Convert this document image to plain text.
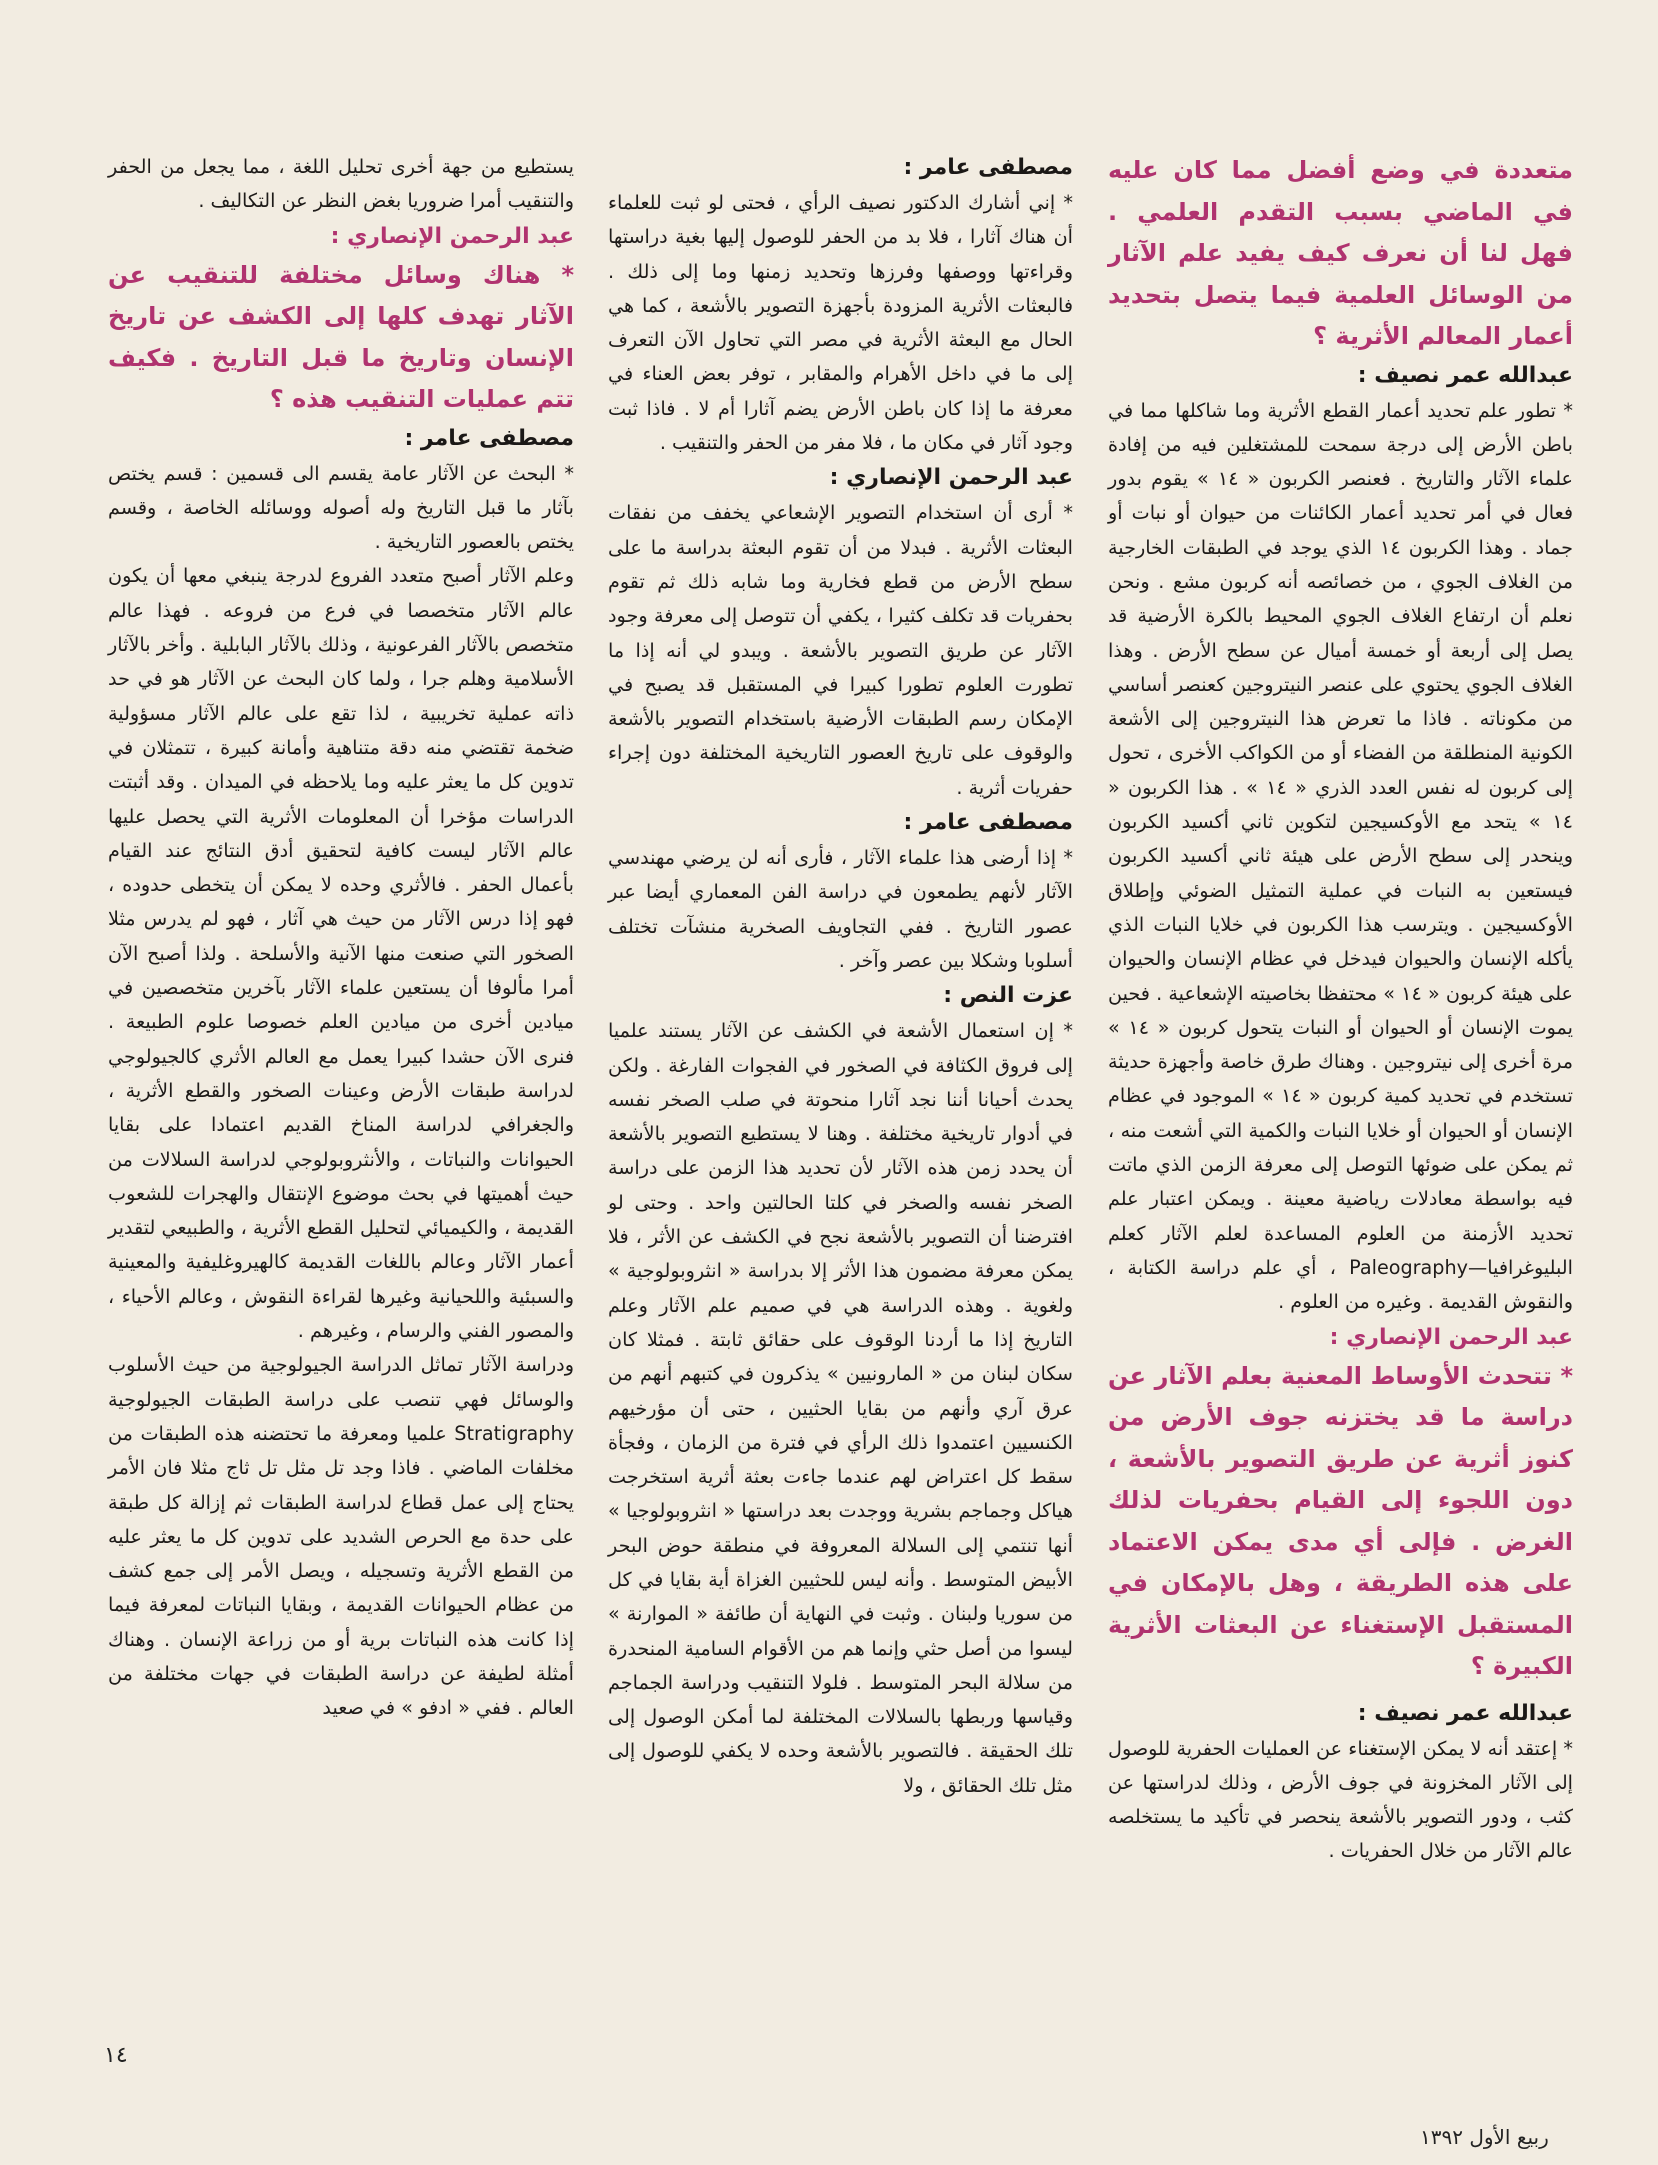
متعددة في وضع أفضل مما كان عليه في الماضي بسبب التقدم العلمي . فهل لنا أن نعرف كيف يفيد علم الآثار من الوسائل العلمية فيما يتصل بتحديد أعمار المعالم الأثرية ؟

عبدالله عمر نصيف :

* تطور علم تحديد أعمار القطع الأثرية وما شاكلها مما في باطن الأرض إلى درجة سمحت للمشتغلين فيه من إفادة علماء الآثار والتاريخ . فعنصر الكربون « ١٤ » يقوم بدور فعال في أمر تحديد أعمار الكائنات من حيوان أو نبات أو جماد . وهذا الكربون ١٤ الذي يوجد في الطبقات الخارجية من الغلاف الجوي ، من خصائصه أنه كربون مشع . ونحن نعلم أن ارتفاع الغلاف الجوي المحيط بالكرة الأرضية قد يصل إلى أربعة أو خمسة أميال عن سطح الأرض . وهذا الغلاف الجوي يحتوي على عنصر النيتروجين كعنصر أساسي من مكوناته . فاذا ما تعرض هذا النيتروجين إلى الأشعة الكونية المنطلقة من الفضاء أو من الكواكب الأخرى ، تحول إلى كربون له نفس العدد الذري « ١٤ » . هذا الكربون « ١٤ » يتحد مع الأوكسيجين لتكوين ثاني أكسيد الكربون وينحدر إلى سطح الأرض على هيئة ثاني أكسيد الكربون فيستعين به النبات في عملية التمثيل الضوئي وإطلاق الأوكسيجين . ويترسب هذا الكربون في خلايا النبات الذي يأكله الإنسان والحيوان فيدخل في عظام الإنسان والحيوان على هيئة كربون « ١٤ » محتفظا بخاصيته الإشعاعية . فحين يموت الإنسان أو الحيوان أو النبات يتحول كربون « ١٤ » مرة أخرى إلى نيتروجين . وهناك طرق خاصة وأجهزة حديثة تستخدم في تحديد كمية كربون « ١٤ » الموجود في عظام الإنسان أو الحيوان أو خلايا النبات والكمية التي أشعت منه ، ثم يمكن على ضوئها التوصل إلى معرفة الزمن الذي ماتت فيه بواسطة معادلات رياضية معينة . ويمكن اعتبار علم تحديد الأزمنة من العلوم المساعدة لعلم الآثار كعلم البليوغرافيا—Paleography ، أي علم دراسة الكتابة ، والنقوش القديمة . وغيره من العلوم .

عبد الرحمن الإنصاري :

* تتحدث الأوساط المعنية بعلم الآثار عن دراسة ما قد يختزنه جوف الأرض من كنوز أثرية عن طريق التصوير بالأشعة ، دون اللجوء إلى القيام بحفريات لذلك الغرض . فإلى أي مدى يمكن الاعتماد على هذه الطريقة ، وهل بالإمكان في المستقبل الإستغناء عن البعثات الأثرية الكبيرة ؟

عبدالله عمر نصيف :

* إعتقد أنه لا يمكن الإستغناء عن العمليات الحفرية للوصول إلى الآثار المخزونة في جوف الأرض ، وذلك لدراستها عن كثب ، ودور التصوير بالأشعة ينحصر في تأكيد ما يستخلصه عالم الآثار من خلال الحفريات .

مصطفى عامر :

* إني أشارك الدكتور نصيف الرأي ، فحتى لو ثبت للعلماء أن هناك آثارا ، فلا بد من الحفر للوصول إليها بغية دراستها وقراءتها ووصفها وفرزها وتحديد زمنها وما إلى ذلك . فالبعثات الأثرية المزودة بأجهزة التصوير بالأشعة ، كما هي الحال مع البعثة الأثرية في مصر التي تحاول الآن التعرف إلى ما في داخل الأهرام والمقابر ، توفر بعض العناء في معرفة ما إذا كان باطن الأرض يضم آثارا أم لا . فاذا ثبت وجود آثار في مكان ما ، فلا مفر من الحفر والتنقيب .

عبد الرحمن الإنصاري :

* أرى أن استخدام التصوير الإشعاعي يخفف من نفقات البعثات الأثرية . فبدلا من أن تقوم البعثة بدراسة ما على سطح الأرض من قطع فخارية وما شابه ذلك ثم تقوم بحفريات قد تكلف كثيرا ، يكفي أن تتوصل إلى معرفة وجود الآثار عن طريق التصوير بالأشعة . ويبدو لي أنه إذا ما تطورت العلوم تطورا كبيرا في المستقبل قد يصبح في الإمكان رسم الطبقات الأرضية باستخدام التصوير بالأشعة والوقوف على تاريخ العصور التاريخية المختلفة دون إجراء حفريات أثرية .

مصطفى عامر :

* إذا أرضى هذا علماء الآثار ، فأرى أنه لن يرضي مهندسي الآثار لأنهم يطمعون في دراسة الفن المعماري أيضا عبر عصور التاريخ . ففي التجاويف الصخرية منشآت تختلف أسلوبا وشكلا بين عصر وآخر .

عزت النص :

* إن استعمال الأشعة في الكشف عن الآثار يستند علميا إلى فروق الكثافة في الصخور في الفجوات الفارغة . ولكن يحدث أحيانا أننا نجد آثارا منحوتة في صلب الصخر نفسه في أدوار تاريخية مختلفة . وهنا لا يستطيع التصوير بالأشعة أن يحدد زمن هذه الآثار لأن تحديد هذا الزمن على دراسة الصخر نفسه والصخر في كلتا الحالتين واحد . وحتى لو افترضنا أن التصوير بالأشعة نجح في الكشف عن الأثر ، فلا يمكن معرفة مضمون هذا الأثر إلا بدراسة « انثروبولوجية » ولغوية . وهذه الدراسة هي في صميم علم الآثار وعلم التاريخ إذا ما أردنا الوقوف على حقائق ثابتة . فمثلا كان سكان لبنان من « المارونيين » يذكرون في كتبهم أنهم من عرق آري وأنهم من بقايا الحثيين ، حتى أن مؤرخيهم الكنسيين اعتمدوا ذلك الرأي في فترة من الزمان ، وفجأة سقط كل اعتراض لهم عندما جاءت بعثة أثرية استخرجت هياكل وجماجم بشرية ووجدت بعد دراستها « انثروبولوجيا » أنها تنتمي إلى السلالة المعروفة في منطقة حوض البحر الأبيض المتوسط . وأنه ليس للحثيين الغزاة أية بقايا في كل من سوريا ولبنان . وثبت في النهاية أن طائفة « الموارنة » ليسوا من أصل حثي وإنما هم من الأقوام السامية المنحدرة من سلالة البحر المتوسط . فلولا التنقيب ودراسة الجماجم وقياسها وربطها بالسلالات المختلفة لما أمكن الوصول إلى تلك الحقيقة . فالتصوير بالأشعة وحده لا يكفي للوصول إلى مثل تلك الحقائق ، ولا

يستطيع من جهة أخرى تحليل اللغة ، مما يجعل من الحفر والتنقيب أمرا ضروريا بغض النظر عن التكاليف .

عبد الرحمن الإنصاري :

* هناك وسائل مختلفة للتنقيب عن الآثار تهدف كلها إلى الكشف عن تاريخ الإنسان وتاريخ ما قبل التاريخ . فكيف تتم عمليات التنقيب هذه ؟

مصطفى عامر :

* البحث عن الآثار عامة يقسم الى قسمين : قسم يختص بآثار ما قبل التاريخ وله أصوله ووسائله الخاصة ، وقسم يختص بالعصور التاريخية .

وعلم الآثار أصبح متعدد الفروع لدرجة ينبغي معها أن يكون عالم الآثار متخصصا في فرع من فروعه . فهذا عالم متخصص بالآثار الفرعونية ، وذلك بالآثار البابلية . وأخر بالآثار الأسلامية وهلم جرا ، ولما كان البحث عن الآثار هو في حد ذاته عملية تخريبية ، لذا تقع على عالم الآثار مسؤولية ضخمة تقتضي منه دقة متناهية وأمانة كبيرة ، تتمثلان في تدوين كل ما يعثر عليه وما يلاحظه في الميدان . وقد أثبتت الدراسات مؤخرا أن المعلومات الأثرية التي يحصل عليها عالم الآثار ليست كافية لتحقيق أدق النتائج عند القيام بأعمال الحفر . فالأثري وحده لا يمكن أن يتخطى حدوده ، فهو إذا درس الآثار من حيث هي آثار ، فهو لم يدرس مثلا الصخور التي صنعت منها الآنية والأسلحة . ولذا أصبح الآن أمرا مألوفا أن يستعين علماء الآثار بآخرين متخصصين في ميادين أخرى من ميادين العلم خصوصا علوم الطبيعة . فنرى الآن حشدا كبيرا يعمل مع العالم الأثري كالجيولوجي لدراسة طبقات الأرض وعينات الصخور والقطع الأثرية ، والجغرافي لدراسة المناخ القديم اعتمادا على بقايا الحيوانات والنباتات ، والأنثروبولوجي لدراسة السلالات من حيث أهميتها في بحث موضوع الإنتقال والهجرات للشعوب القديمة ، والكيميائي لتحليل القطع الأثرية ، والطبيعي لتقدير أعمار الآثار وعالم باللغات القديمة كالهيروغليفية والمعينية والسبئية واللحيانية وغيرها لقراءة النقوش ، وعالم الأحياء ، والمصور الفني والرسام ، وغيرهم .

ودراسة الآثار تماثل الدراسة الجيولوجية من حيث الأسلوب والوسائل فهي تنصب على دراسة الطبقات الجيولوجية Stratigraphy علميا ومعرفة ما تحتضنه هذه الطبقات من مخلفات الماضي . فاذا وجد تل مثل تل ثاج مثلا فان الأمر يحتاج إلى عمل قطاع لدراسة الطبقات ثم إزالة كل طبقة على حدة مع الحرص الشديد على تدوين كل ما يعثر عليه من القطع الأثرية وتسجيله ، ويصل الأمر إلى جمع كشف من عظام الحيوانات القديمة ، وبقايا النباتات لمعرفة فيما إذا كانت هذه النباتات برية أو من زراعة الإنسان . وهناك أمثلة لطيفة عن دراسة الطبقات في جهات مختلفة من العالم . ففي « ادفو » في صعيد

١٤
ربيع الأول ١٣٩٢
